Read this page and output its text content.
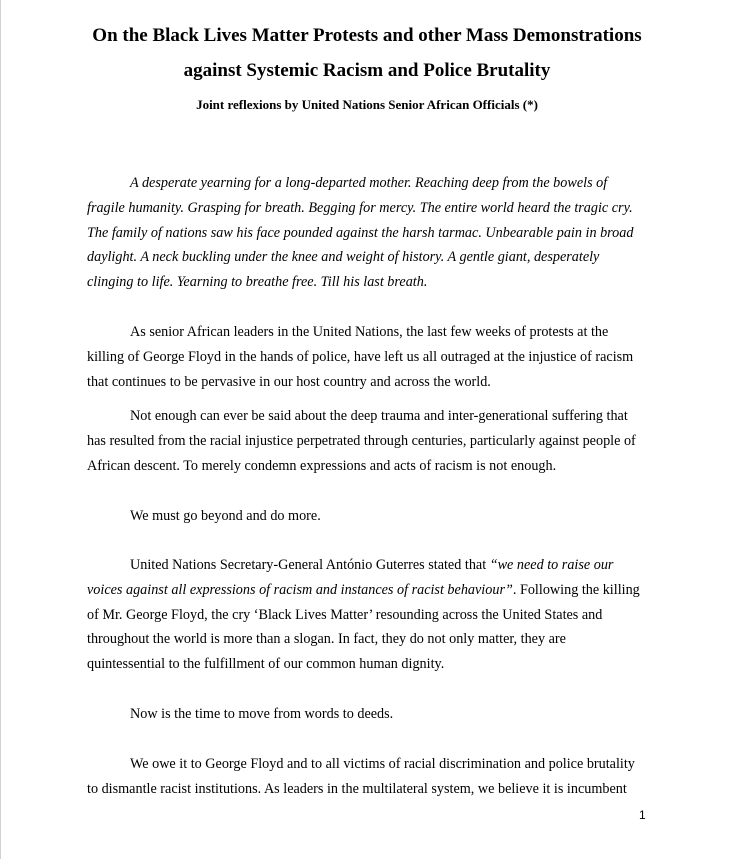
On the Black Lives Matter Protests and other Mass Demonstrations
against Systemic Racism and Police Brutality
Joint reflexions by United Nations Senior African Officials (*)
A desperate yearning for a long-departed mother. Reaching deep from the bowels of
fragile humanity. Grasping for breath. Begging for mercy. The entire world heard the tragic cry.
The family of nations saw his face pounded against the harsh tarmac. Unbearable pain in broad
daylight. A neck buckling under the knee and weight of history. A gentle giant, desperately
clinging to life. Yearning to breathe free. Till his last breath.
As senior African leaders in the United Nations, the last few weeks of protests at the
killing of George Floyd in the hands of police, have left us all outraged at the injustice of racism
that continues to be pervasive in our host country and across the world.
Not enough can ever be said about the deep trauma and inter-generational suffering that
has resulted from the racial injustice perpetrated through centuries, particularly against people of
African descent. To merely condemn expressions and acts of racism is not enough.
We must go beyond and do more.
United Nations Secretary-General António Guterres stated that “we need to raise our
voices against all expressions of racism and instances of racist behaviour”. Following the killing
of Mr. George Floyd, the cry ‘Black Lives Matter’ resounding across the United States and
throughout the world is more than a slogan. In fact, they do not only matter, they are
quintessential to the fulfillment of our common human dignity.
Now is the time to move from words to deeds.
We owe it to George Floyd and to all victims of racial discrimination and police brutality
to dismantle racist institutions. As leaders in the multilateral system, we believe it is incumbent
1
